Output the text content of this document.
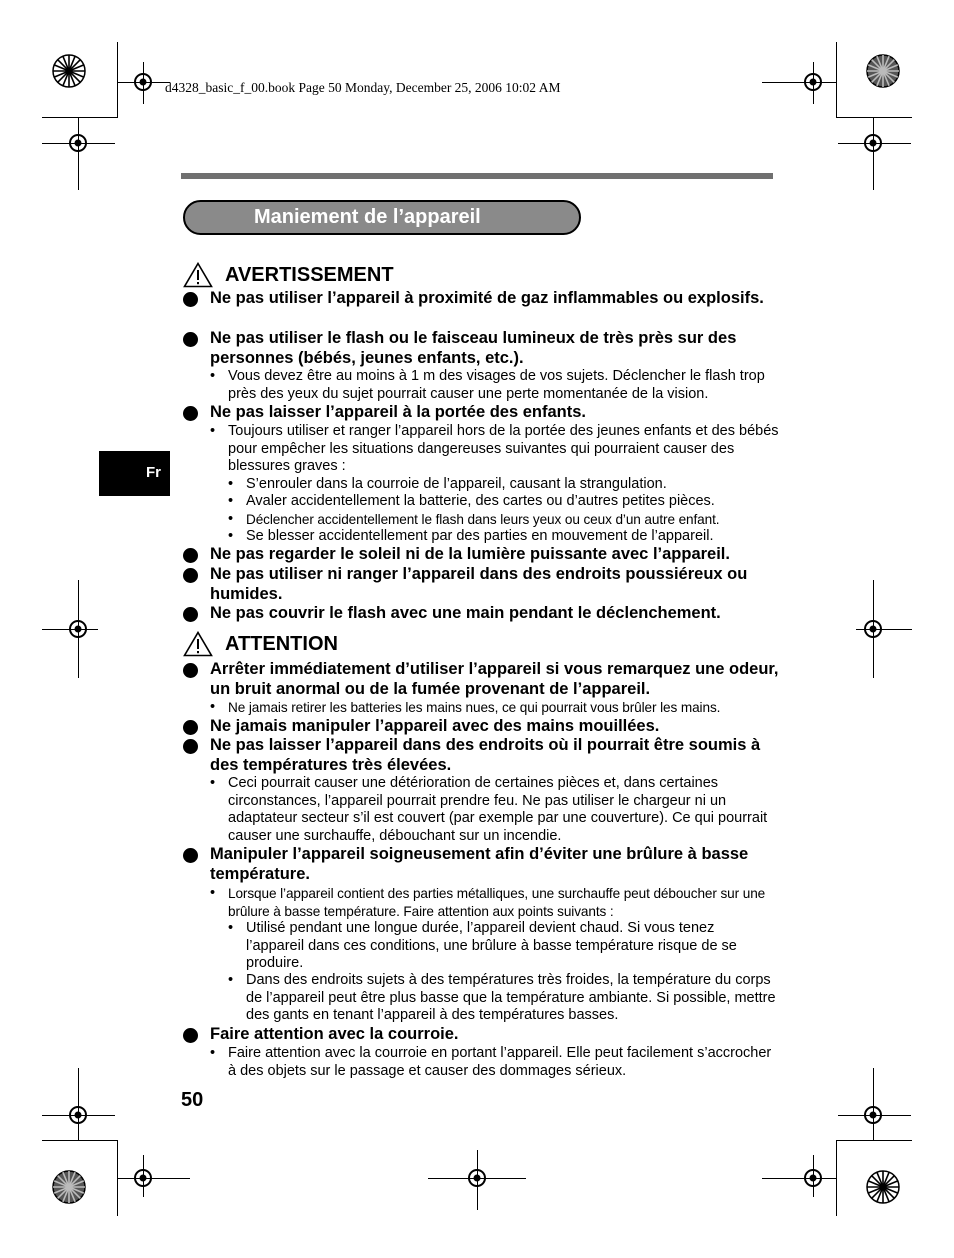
d4328_basic_f_00.book Page 50 Monday, December 25, 2006 10:02 AM
Maniement de l’appareil
Fr
AVERTISSEMENT
Ne pas utiliser l’appareil à proximité de gaz inflammables ou explosifs.
Ne pas utiliser le flash ou le faisceau lumineux de très près sur des personnes (bébés, jeunes enfants, etc.).
• Vous devez être au moins à 1 m des visages de vos sujets. Déclencher le flash trop près des yeux du sujet pourrait causer une perte momentanée de la vision.
Ne pas laisser l’appareil à la portée des enfants.
• Toujours utiliser et ranger l’appareil hors de la portée des jeunes enfants et des bébés pour empêcher les situations dangereuses suivantes qui pourraient causer des blessures graves :
• S’enrouler dans la courroie de l’appareil, causant la strangulation.
• Avaler accidentellement la batterie, des cartes ou d’autres petites pièces.
• Déclencher accidentellement le flash dans leurs yeux ou ceux d’un autre enfant.
• Se blesser accidentellement par des parties en mouvement de l’appareil.
Ne pas regarder le soleil ni de la lumière puissante avec l’appareil.
Ne pas utiliser ni ranger l’appareil dans des endroits poussiéreux ou humides.
Ne pas couvrir le flash avec une main pendant le déclenchement.
ATTENTION
Arrêter immédiatement d’utiliser l’appareil si vous remarquez une odeur, un bruit anormal ou de la fumée provenant de l’appareil.
• Ne jamais retirer les batteries les mains nues, ce qui pourrait vous brûler les mains.
Ne jamais manipuler l’appareil avec des mains mouillées.
Ne pas laisser l’appareil dans des endroits où il pourrait être soumis à des températures très élevées.
• Ceci pourrait causer une détérioration de certaines pièces et, dans certaines circonstances, l’appareil pourrait prendre feu. Ne pas utiliser le chargeur ni un adaptateur secteur s’il est couvert (par exemple par une couverture). Ce qui pourrait causer une surchauffe, débouchant sur un incendie.
Manipuler l’appareil soigneusement afin d’éviter une brûlure à basse température.
• Lorsque l’appareil contient des parties métalliques, une surchauffe peut déboucher sur une brûlure à basse température. Faire attention aux points suivants :
• Utilisé pendant une longue durée, l’appareil devient chaud. Si vous tenez l’appareil dans ces conditions, une brûlure à basse température risque de se produire.
• Dans des endroits sujets à des températures très froides, la température du corps de l’appareil peut être plus basse que la température ambiante. Si possible, mettre des gants en tenant l’appareil à des températures basses.
Faire attention avec la courroie.
• Faire attention avec la courroie en portant l’appareil. Elle peut facilement s’accrocher à des objets sur le passage et causer des dommages sérieux.
50
